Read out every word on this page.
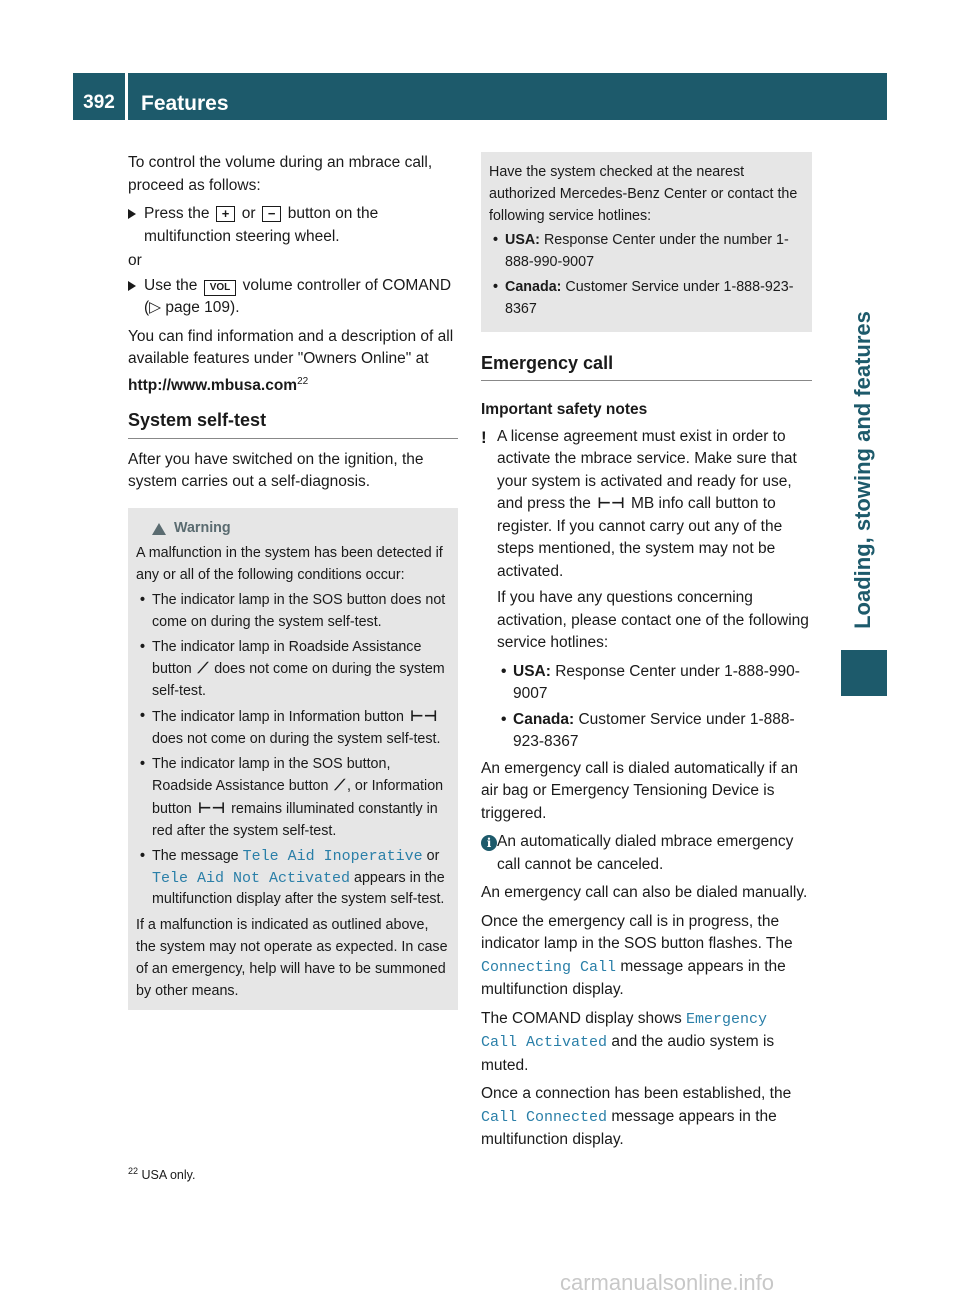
392	Features
Loading, stowing and features

To control the volume during an mbrace call, proceed as follows:

Press the + or − button on the multifunction steering wheel.

or

Use the VOL volume controller of COMAND (▷ page 109).

You can find information and a description of all available features under "Owners Online" at http://www.mbusa.com$^{22}$

System self-test

After you have switched on the ignition, the system carries out a self-diagnosis.

Warning
A malfunction in the system has been detected if any or all of the following conditions occur:
• The indicator lamp in the SOS button does not come on during the system self-test.
• The indicator lamp in Roadside Assistance button ⟋ does not come on during the system self-test.
• The indicator lamp in Information button ⊢⊣ does not come on during the system self-test.
• The indicator lamp in the SOS button, Roadside Assistance button ⟋ , or Information button ⊢⊣ remains illuminated constantly in red after the system self-test.
• The message Tele Aid Inoperative or Tele Aid Not Activated appears in the multifunction display after the system self-test.
If a malfunction is indicated as outlined above, the system may not operate as expected. In case of an emergency, help will have to be summoned by other means.
Have the system checked at the nearest authorized Mercedes-Benz Center or contact the following service hotlines:
• USA: Response Center under the number 1-888-990-9007
• Canada: Customer Service under 1-888-923-8367
Emergency call
Important safety notes
! A license agreement must exist in order to activate the mbrace service. Make sure that your system is activated and ready for use, and press the ⊢⊣ MB info call button to register. If you cannot carry out any of the steps mentioned, the system may not be activated.

If you have any questions concerning activation, please contact one of the following service hotlines:

• USA: Response Center under 1-888-990-9007
• Canada: Customer Service under 1-888-923-8367

An emergency call is dialed automatically if an air bag or Emergency Tensioning Device is triggered.

i An automatically dialed mbrace emergency call cannot be canceled.

An emergency call can also be dialed manually.

Once the emergency call is in progress, the indicator lamp in the SOS button flashes. The Connecting Call message appears in the multifunction display.

The COMAND display shows Emergency Call Activated and the audio system is muted.

Once a connection has been established, the Call Connected message appears in the multifunction display.

$^{22}$ USA only.
carmanualsonline.info
